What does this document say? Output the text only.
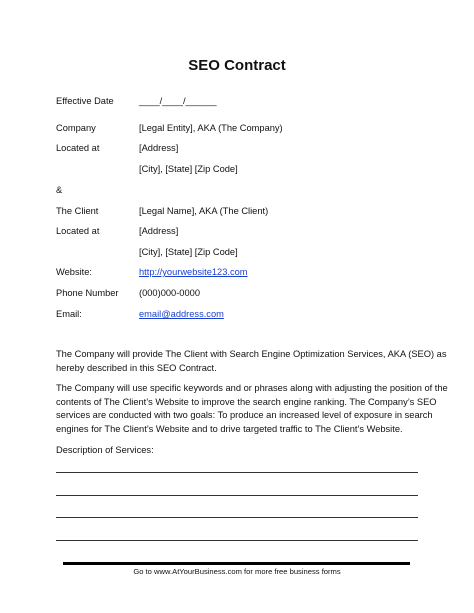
SEO Contract
Effective Date	____/____/______
Company	[Legal Entity], AKA (The Company)
Located at	[Address]
[City], [State] [Zip Code]
&
The Client	[Legal Name], AKA (The Client)
Located at	[Address]
[City], [State] [Zip Code]
Website:	http://yourwebsite123.com
Phone Number (000)000-0000
Email:	email@address.com
The Company will provide The Client with Search Engine Optimization Services, AKA (SEO) as
hereby described in this SEO Contract.
The Company will use specific keywords and or phrases along with adjusting the position of the
contents of The Client’s Website to improve the search engine ranking. The Company’s SEO
services are conducted with two goals: To produce an increased level of exposure in search
engines for The Client’s Website and to drive targeted traffic to The Client’s Website.
Description of Services:
Go to www.AtYourBusiness.com for more free business forms
